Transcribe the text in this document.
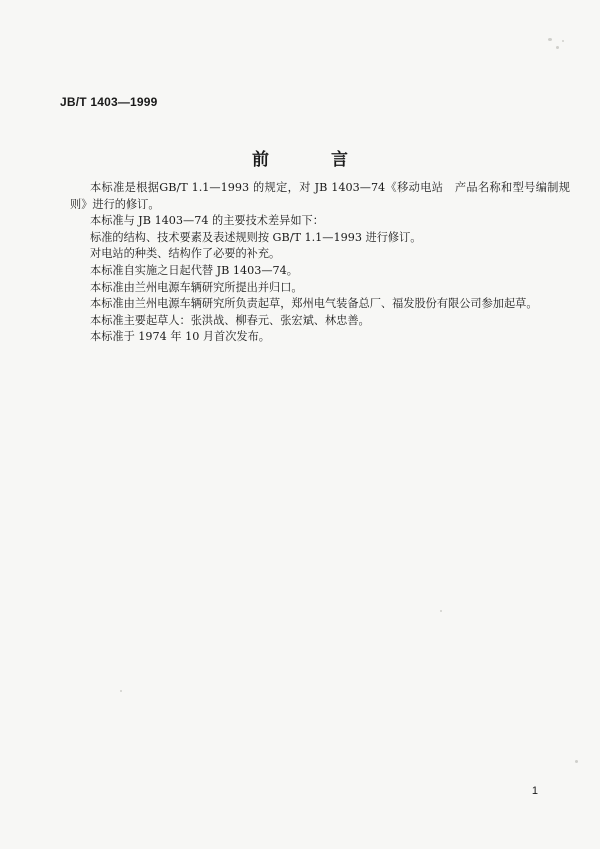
JB/T 1403—1999
前 言

本标准是根据GB/T 1.1—1993 的规定，对 JB 1403—74《移动电站　产品名称和型号编制规则》进行的修订。

本标准与 JB 1403—74 的主要技术差异如下：

标准的结构、技术要素及表述规则按 GB/T 1.1—1993 进行修订。

对电站的种类、结构作了必要的补充。

本标准自实施之日起代替 JB 1403—74。

本标准由兰州电源车辆研究所提出并归口。

本标准由兰州电源车辆研究所负责起草，郑州电气装备总厂、福发股份有限公司参加起草。

本标准主要起草人：张洪战、柳春元、张宏斌、林忠善。

本标准于 1974 年 10 月首次发布。

1
